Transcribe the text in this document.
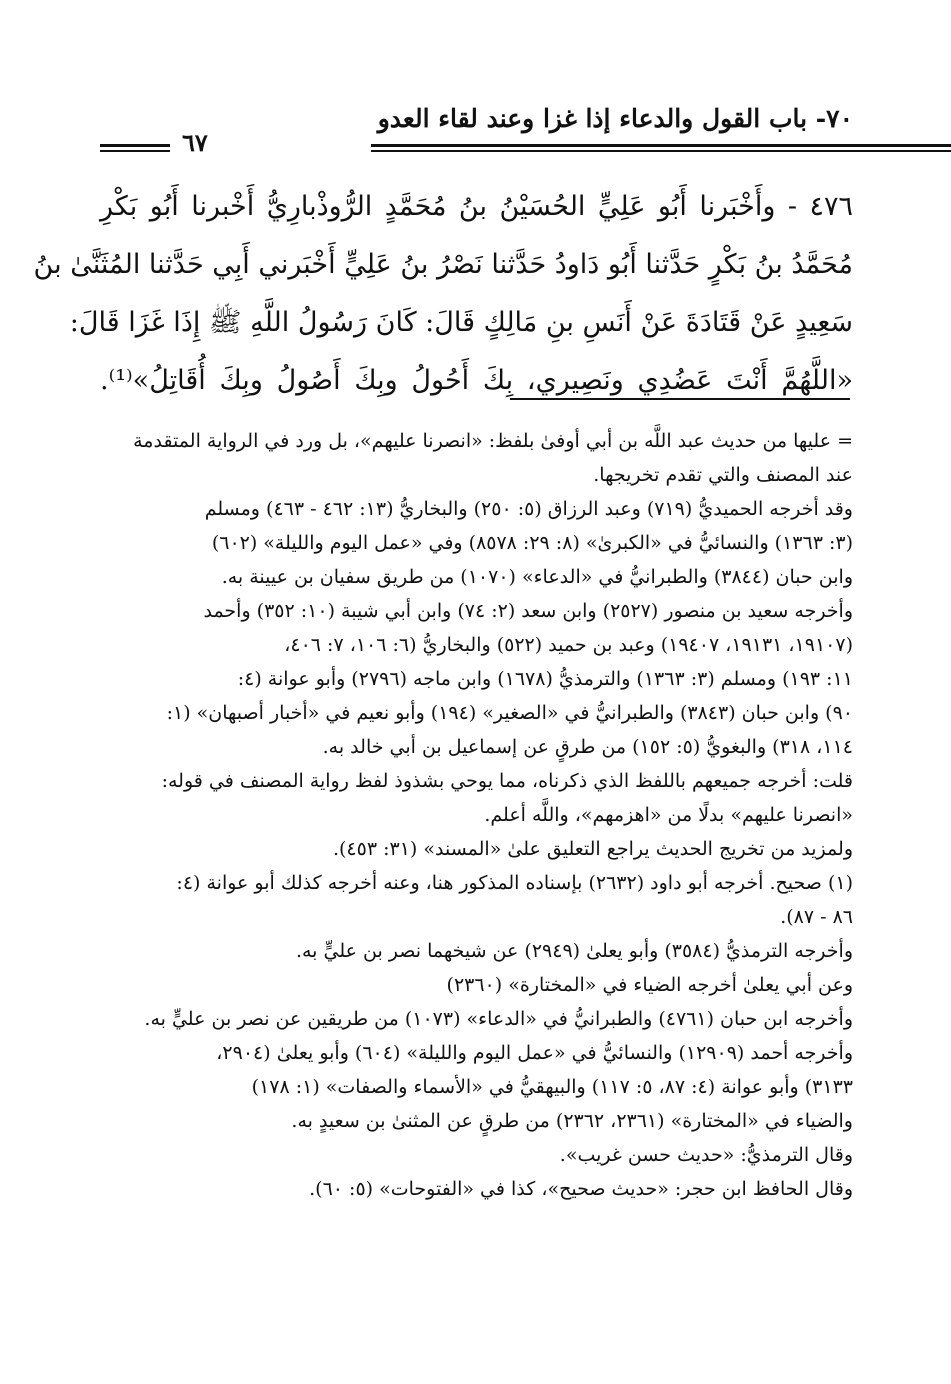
٧٠- باب القول والدعاء إذا غزا وعند لقاء العدو
٦٧
٤٧٦ - وأَخْبَرنا أَبُو عَلِيٍّ الحُسَيْنُ بنُ مُحَمَّدٍ الرُّوذْبارِيُّ أَخْبرنا أَبُو بَكْرِ
مُحَمَّدُ بنُ بَكْرٍ حَدَّثنا أَبُو دَاودُ حَدَّثنا نَصْرُ بنُ عَلِيٍّ أَخْبَرني أَبِي حَدَّثنا المُثَنَّىٰ بنُ
سَعِيدٍ عَنْ قَتَادَةَ عَنْ أَنَسِ بنِ مَالِكٍ قَالَ: كَانَ رَسُولُ اللَّهِ ﷺ إِذَا غَزَا قَالَ:
«اللَّهُمَّ أَنْتَ عَضُدِي ونَصِيري، بِكَ أَحُولُ وبِكَ أَصُولُ وبِكَ أُقَاتِلُ»⁽¹⁾.
= عليها من حديث عبد اللَّه بن أبي أوفىٰ بلفظ: «انصرنا عليهم»، بل ورد في الرواية المتقدمة
عند المصنف والتي تقدم تخريجها.
وقد أخرجه الحميديُّ (٧١٩) وعبد الرزاق (٥: ٢٥٠) والبخاريُّ (١٣: ٤٦٢ - ٤٦٣) ومسلم
(٣: ١٣٦٣) والنسائيُّ في «الكبرىٰ» (٨: ٢٩: ٨٥٧٨) وفي «عمل اليوم والليلة» (٦٠٢)
وابن حبان (٣٨٤٤) والطبرانيُّ في «الدعاء» (١٠٧٠) من طريق سفيان بن عيينة به.
وأخرجه سعيد بن منصور (٢٥٢٧) وابن سعد (٢: ٧٤) وابن أبي شيبة (١٠: ٣٥٢) وأحمد
(١٩١٠٧، ١٩١٣١، ١٩٤٠٧) وعبد بن حميد (٥٢٢) والبخاريُّ (٦: ١٠٦، ٧: ٤٠٦،
١١: ١٩٣) ومسلم (٣: ١٣٦٣) والترمذيُّ (١٦٧٨) وابن ماجه (٢٧٩٦) وأبو عوانة (٤:
٩٠) وابن حبان (٣٨٤٣) والطبرانيُّ في «الصغير» (١٩٤) وأبو نعيم في «أخبار أصبهان» (١:
١١٤، ٣١٨) والبغويُّ (٥: ١٥٢) من طرقٍ عن إسماعيل بن أبي خالد به.
قلت: أخرجه جميعهم باللفظ الذي ذكرناه، مما يوحي بشذوذ لفظ رواية المصنف في قوله:
«انصرنا عليهم» بدلًا من «اهزمهم»، واللَّه أعلم.
ولمزيد من تخريج الحديث يراجع التعليق علىٰ «المسند» (٣١: ٤٥٣).
(١) صحيح. أخرجه أبو داود (٢٦٣٢) بإسناده المذكور هنا، وعنه أخرجه كذلك أبو عوانة (٤:
٨٦ - ٨٧).
وأخرجه الترمذيُّ (٣٥٨٤) وأبو يعلىٰ (٢٩٤٩) عن شيخهما نصر بن عليٍّ به.
وعن أبي يعلىٰ أخرجه الضياء في «المختارة» (٢٣٦٠)
وأخرجه ابن حبان (٤٧٦١) والطبرانيُّ في «الدعاء» (١٠٧٣) من طريقين عن نصر بن عليٍّ به.
وأخرجه أحمد (١٢٩٠٩) والنسائيُّ في «عمل اليوم والليلة» (٦٠٤) وأبو يعلىٰ (٢٩٠٤،
٣١٣٣) وأبو عوانة (٤: ٨٧، ٥: ١١٧) والبيهقيُّ في «الأسماء والصفات» (١: ١٧٨)
والضياء في «المختارة» (٢٣٦١، ٢٣٦٢) من طرقٍ عن المثنىٰ بن سعيدٍ به.
وقال الترمذيُّ: «حديث حسن غريب».
وقال الحافظ ابن حجر: «حديث صحيح»، كذا في «الفتوحات» (٥: ٦٠).
